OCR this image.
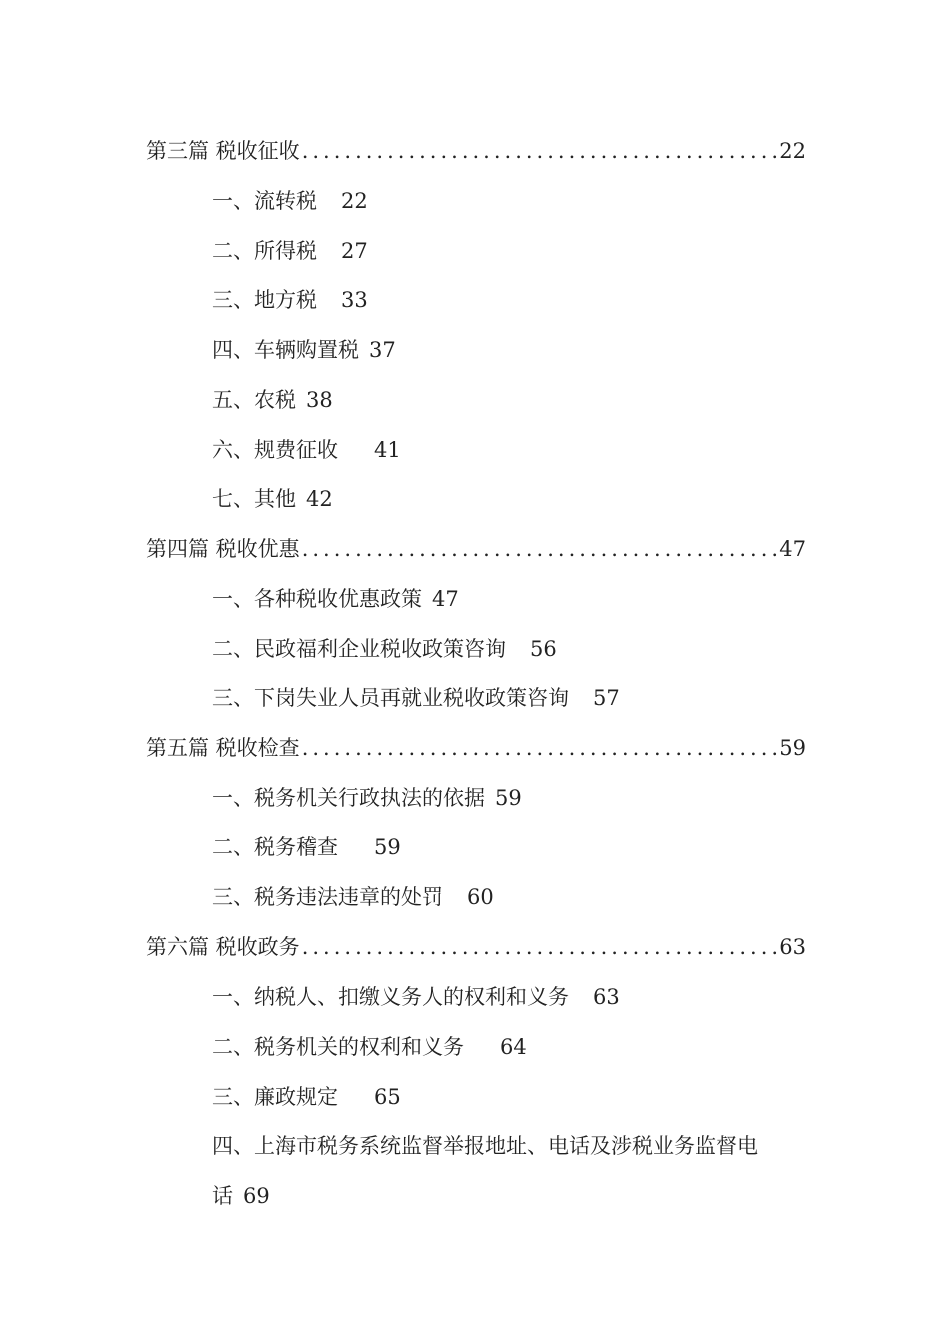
第三篇 税收征收 .....	22
一、流转税 22
二、所得税 27
三、地方税 33
四、车辆购置税 37
五、农税 38
六、规费征收 41
七、其他 42
第四篇 税收优惠 .....	47
一、各种税收优惠政策 47
二、民政福利企业税收政策咨询 56
三、下岗失业人员再就业税收政策咨询 57
第五篇 税收检查 .....	59
一、税务机关行政执法的依据 59
二、税务稽查 59
三、税务违法违章的处罚 60
第六篇 税收政务 .....	63
一、纳税人、扣缴义务人的权利和义务 63
二、税务机关的权利和义务 64
三、廉政规定 65
四、上海市税务系统监督举报地址、电话及涉税业务监督电
话 69
